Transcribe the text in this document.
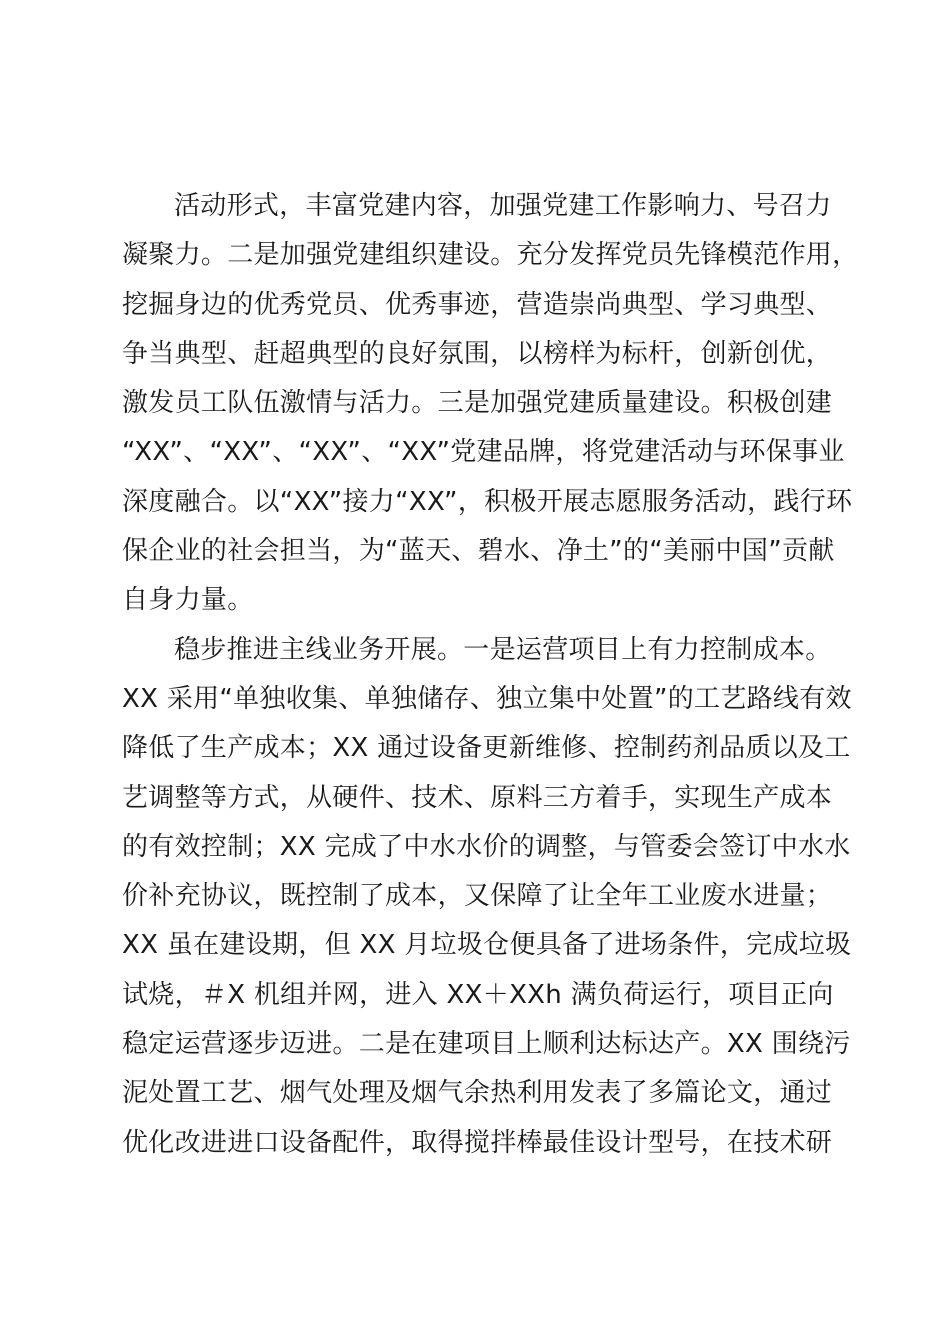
活动形式，丰富党建内容，加强党建工作影响力、号召力
凝聚力。二是加强党建组织建设。充分发挥党员先锋模范作用，
挖掘身边的优秀党员、优秀事迹，营造崇尚典型、学习典型、
争当典型、赶超典型的良好氛围，以榜样为标杆，创新创优，
激发员工队伍激情与活力。三是加强党建质量建设。积极创建
“XX”、“XX”、“XX”、“XX”党建品牌，将党建活动与环保事业
深度融合。以“XX”接力“XX”，积极开展志愿服务活动，践行环
保企业的社会担当，为“蓝天、碧水、净土”的“美丽中国”贡献
自身力量。
稳步推进主线业务开展。一是运营项目上有力控制成本。
XX 采用“单独收集、单独储存、独立集中处置”的工艺路线有效
降低了生产成本；XX 通过设备更新维修、控制药剂品质以及工
艺调整等方式，从硬件、技术、原料三方着手，实现生产成本
的有效控制；XX 完成了中水水价的调整，与管委会签订中水水
价补充协议，既控制了成本，又保障了让全年工业废水进量；
XX 虽在建设期，但 XX 月垃圾仓便具备了进场条件，完成垃圾
试烧，＃X 机组并网，进入 XX＋XXh 满负荷运行，项目正向
稳定运营逐步迈进。二是在建项目上顺利达标达产。XX 围绕污
泥处置工艺、烟气处理及烟气余热利用发表了多篇论文，通过
优化改进进口设备配件，取得搅拌棒最佳设计型号，在技术研
